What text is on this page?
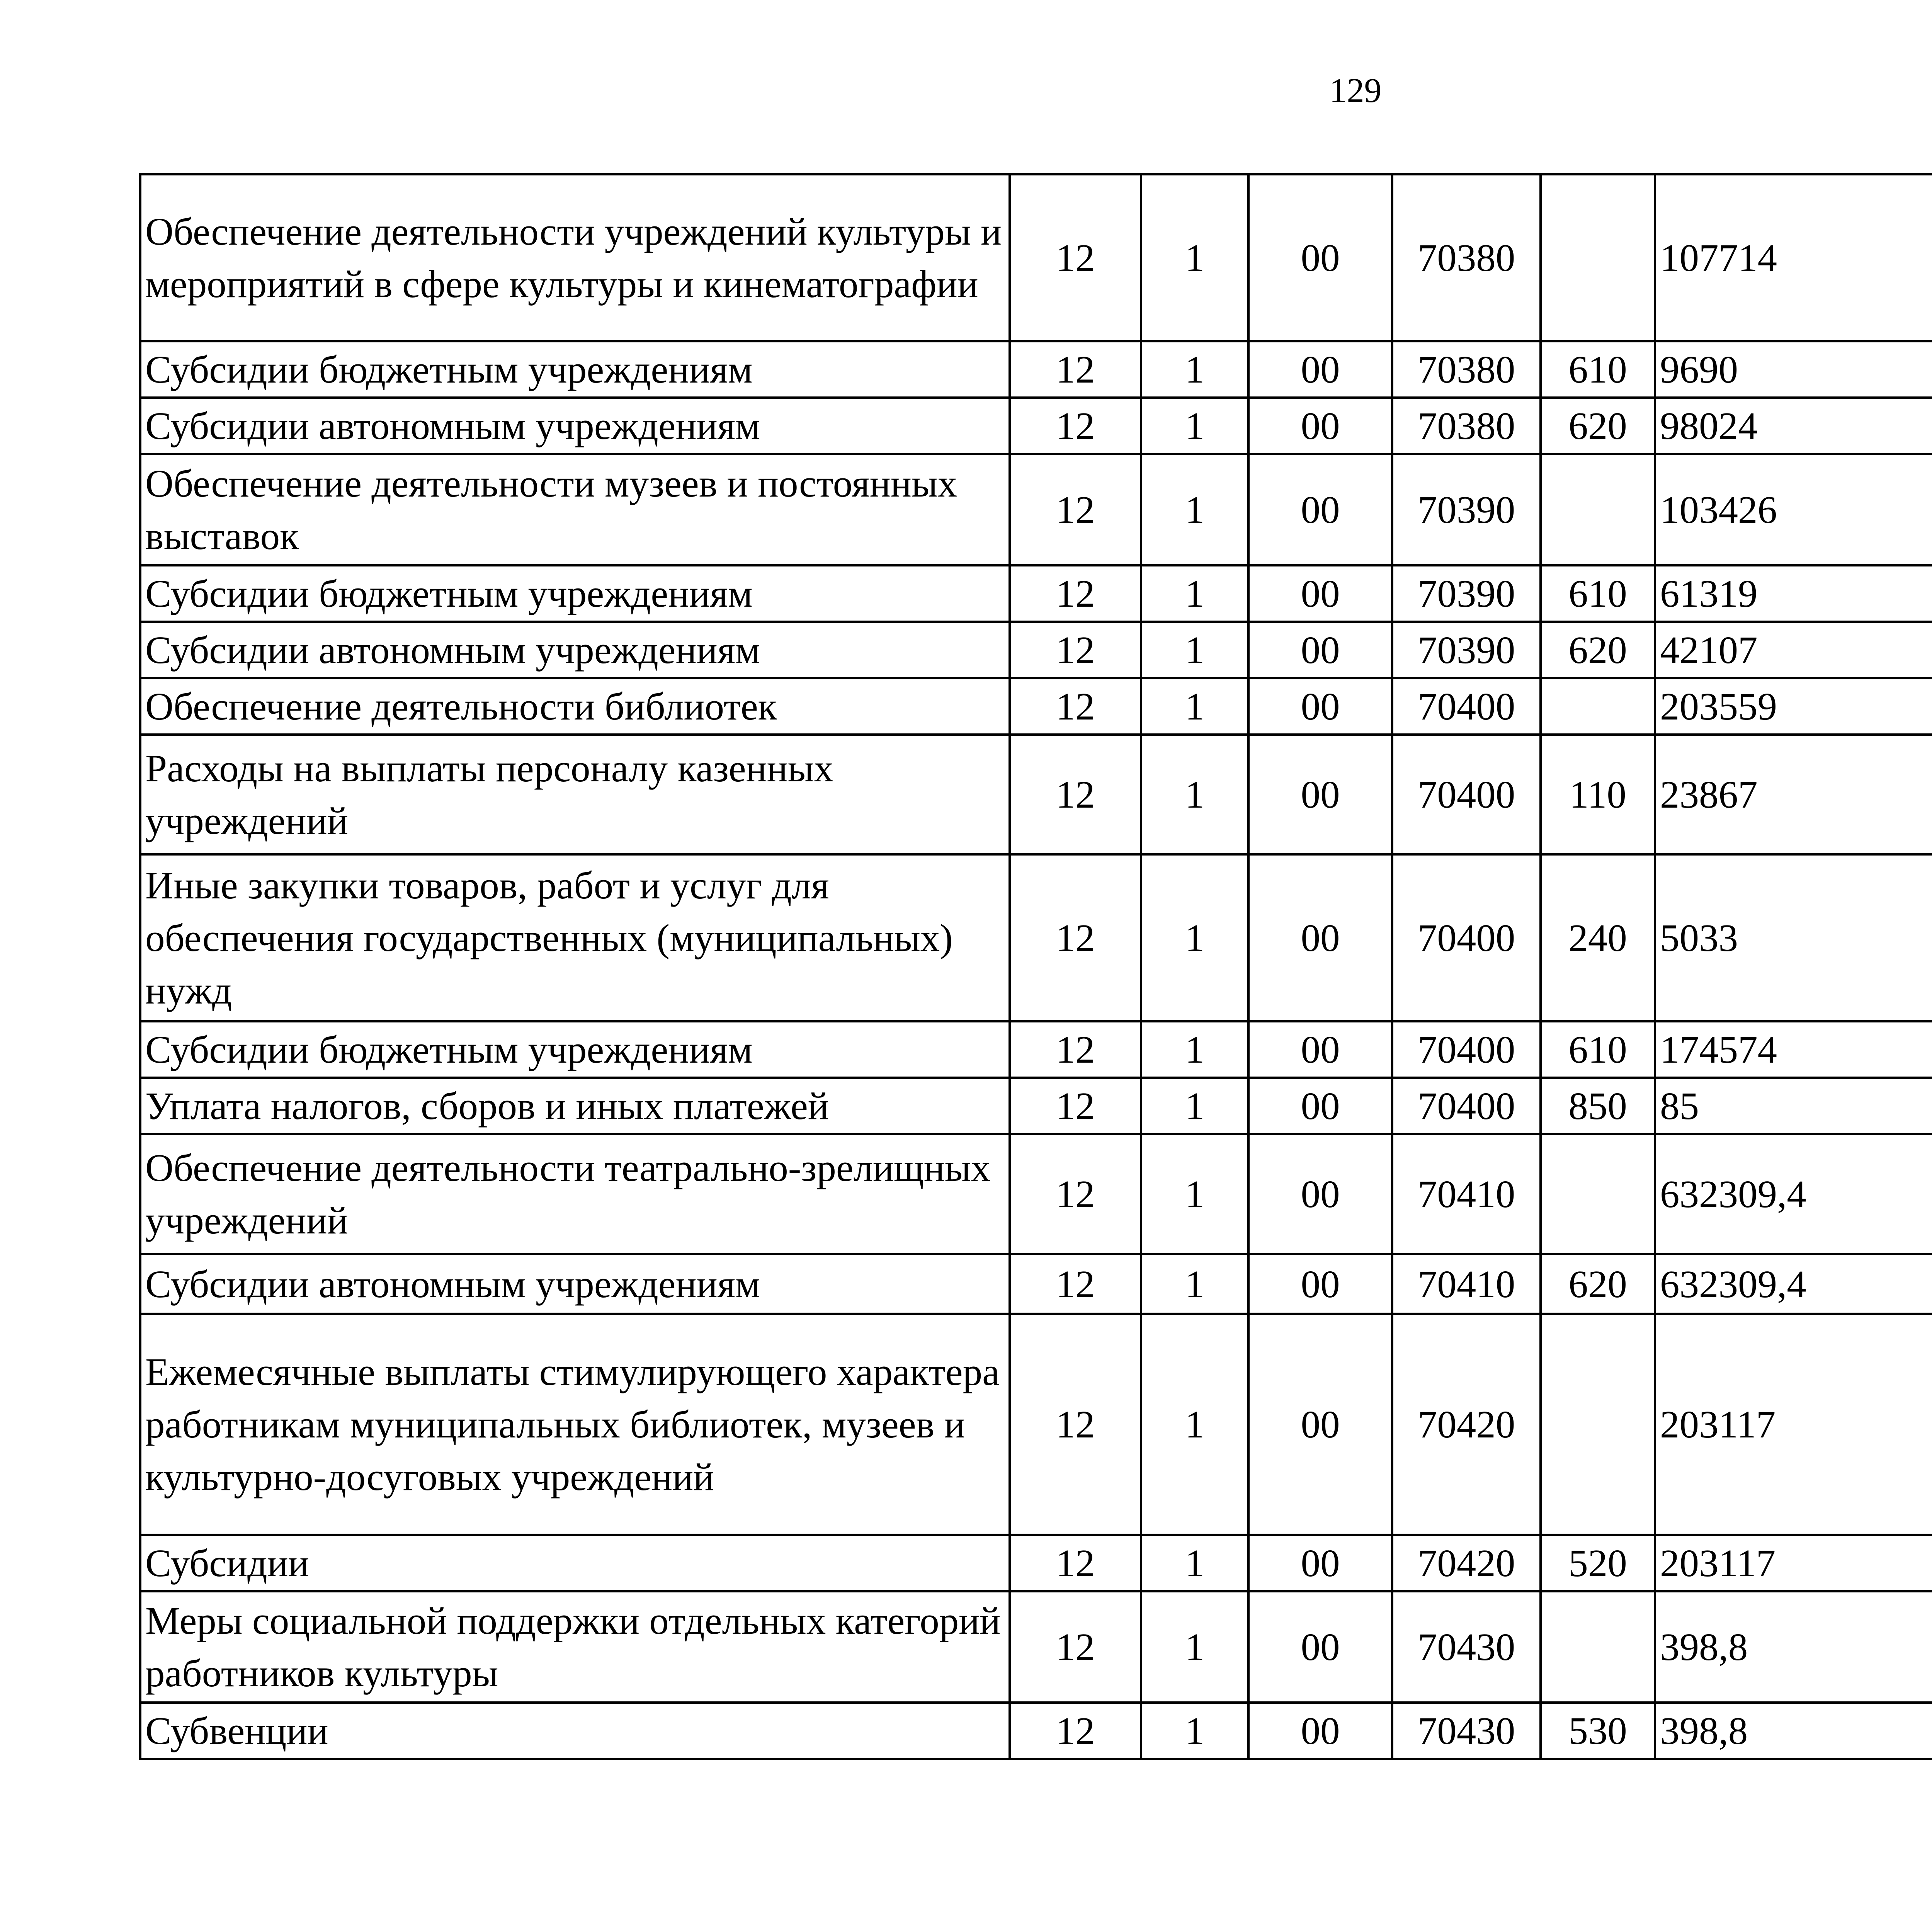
129
Обеспечение деятельности учреждений культуры и мероприятий в сфере культуры и кинематографии	12	1	00	70380		107714		
Субсидии бюджетным учреждениям	12	1	00	70380	610	9690		
Субсидии автономным учреждениям	12	1	00	70380	620	98024		
Обеспечение деятельности музеев и постоянных выставок	12	1	00	70390		103426		
Субсидии бюджетным учреждениям	12	1	00	70390	610	61319		
Субсидии автономным учреждениям	12	1	00	70390	620	42107		
Обеспечение деятельности библиотек	12	1	00	70400		203559		
Расходы на выплаты персоналу казенных учреждений	12	1	00	70400	110	23867		
Иные закупки товаров, работ и услуг для обеспечения государственных (муниципальных) нужд	12	1	00	70400	240	5033		
Субсидии бюджетным учреждениям	12	1	00	70400	610	174574		
Уплата налогов, сборов и иных платежей	12	1	00	70400	850	85		
Обеспечение деятельности театрально-зрелищных учреждений	12	1	00	70410		632309,4		
Субсидии автономным учреждениям	12	1	00	70410	620	632309,4		
Ежемесячные выплаты стимулирующего характера работникам муниципальных библиотек, музеев и культурно-досуговых учреждений	12	1	00	70420		203117		
Субсидии	12	1	00	70420	520	203117		
Меры социальной поддержки отдельных категорий работников культуры	12	1	00	70430		398,8		
Субвенции	12	1	00	70430	530	398,8		
